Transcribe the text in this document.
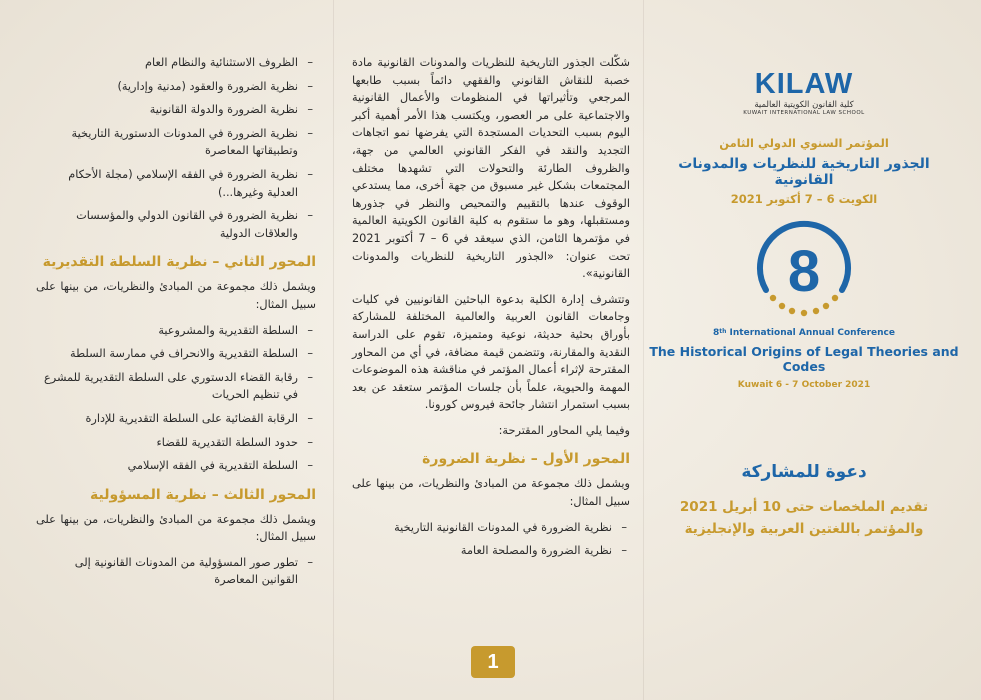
– الظروف الاستثنائية والنظام العام
– نظرية الضرورة والعقود (مدنية وإدارية)
– نظرية الضرورة والدولة القانونية
– نظرية الضرورة في المدونات الدستورية التاريخية وتطبيقاتها المعاصرة
– نظرية الضرورة في الفقه الإسلامي (مجلة الأحكام العدلية وغيرها...)
– نظرية الضرورة في القانون الدولي والمؤسسات والعلاقات الدولية
المحور الثاني – نظرية السلطة التقديرية

ويشمل ذلك مجموعة من المبادئ والنظريات، من بينها على سبيل المثال:

– السلطة التقديرية والمشروعية
– السلطة التقديرية والانحراف في ممارسة السلطة
– رقابة القضاء الدستوري على السلطة التقديرية للمشرع في تنظيم الحريات
– الرقابة القضائية على السلطة التقديرية للإدارة
– حدود السلطة التقديرية للقضاء
– السلطة التقديرية في الفقه الإسلامي
المحور الثالث – نظرية المسؤولية

ويشمل ذلك مجموعة من المبادئ والنظريات، من بينها على سبيل المثال:

– تطور صور المسؤولية من المدونات القانونية إلى القوانين المعاصرة

شكّلت الجذور التاريخية للنظريات والمدونات القانونية مادة خصبة للنقاش القانوني والفقهي دائماً بسبب طابعها المرجعي وتأثيراتها في المنظومات والأعمال القانونية والاجتماعية على مر العصور، ويكتسب هذا الأمر أهمية أكبر اليوم بسبب التحديات المستجدة التي يفرضها نمو اتجاهات التجديد والنقد في الفكر القانوني العالمي من جهة، والظروف الطارئة والتحولات التي تشهدها مختلف المجتمعات بشكل غير مسبوق من جهة أخرى، مما يستدعي الوقوف عندها بالتقييم والتمحيص والنظر في جذورها ومستقبلها، وهو ما ستقوم به كلية القانون الكويتية العالمية في مؤتمرها الثامن، الذي سيعقد في 6 – 7 أكتوبر 2021 تحت عنوان: «الجذور التاريخية للنظريات والمدونات القانونية».

وتتشرف إدارة الكلية بدعوة الباحثين القانونيين في كليات وجامعات القانون العربية والعالمية المختلفة للمشاركة بأوراق بحثية حديثة، نوعية ومتميزة، تقوم على الدراسة النقدية والمقارنة، وتتضمن قيمة مضافة، في أي من المحاور المقترحة لإثراء أعمال المؤتمر في مناقشة هذه الموضوعات المهمة والحيوية، علماً بأن جلسات المؤتمر ستعقد عن بعد بسبب استمرار انتشار جائحة فيروس كورونا.

وفيما يلي المحاور المقترحة:

المحور الأول – نظرية الضرورة

ويشمل ذلك مجموعة من المبادئ والنظريات، من بينها على سبيل المثال:

– نظرية الضرورة في المدونات القانونية التاريخية
– نظرية الضرورة والمصلحة العامة
KILAW
كلية القانون الكويتية العالمية
KUWAIT INTERNATIONAL LAW SCHOOL
المؤتمر السنوي الدولي الثامن
الجذور التاريخية للنظريات والمدونات القانونية
الكويت 6 – 7 أكتوبر 2021
8
8th International Annual Conference
The Historical Origins of Legal Theories and Codes
Kuwait 6 - 7 October 2021
دعوة للمشاركة
تقديم الملخصات حتى 10 أبريل 2021
والمؤتمر باللغتين العربية والإنجليزية
1
